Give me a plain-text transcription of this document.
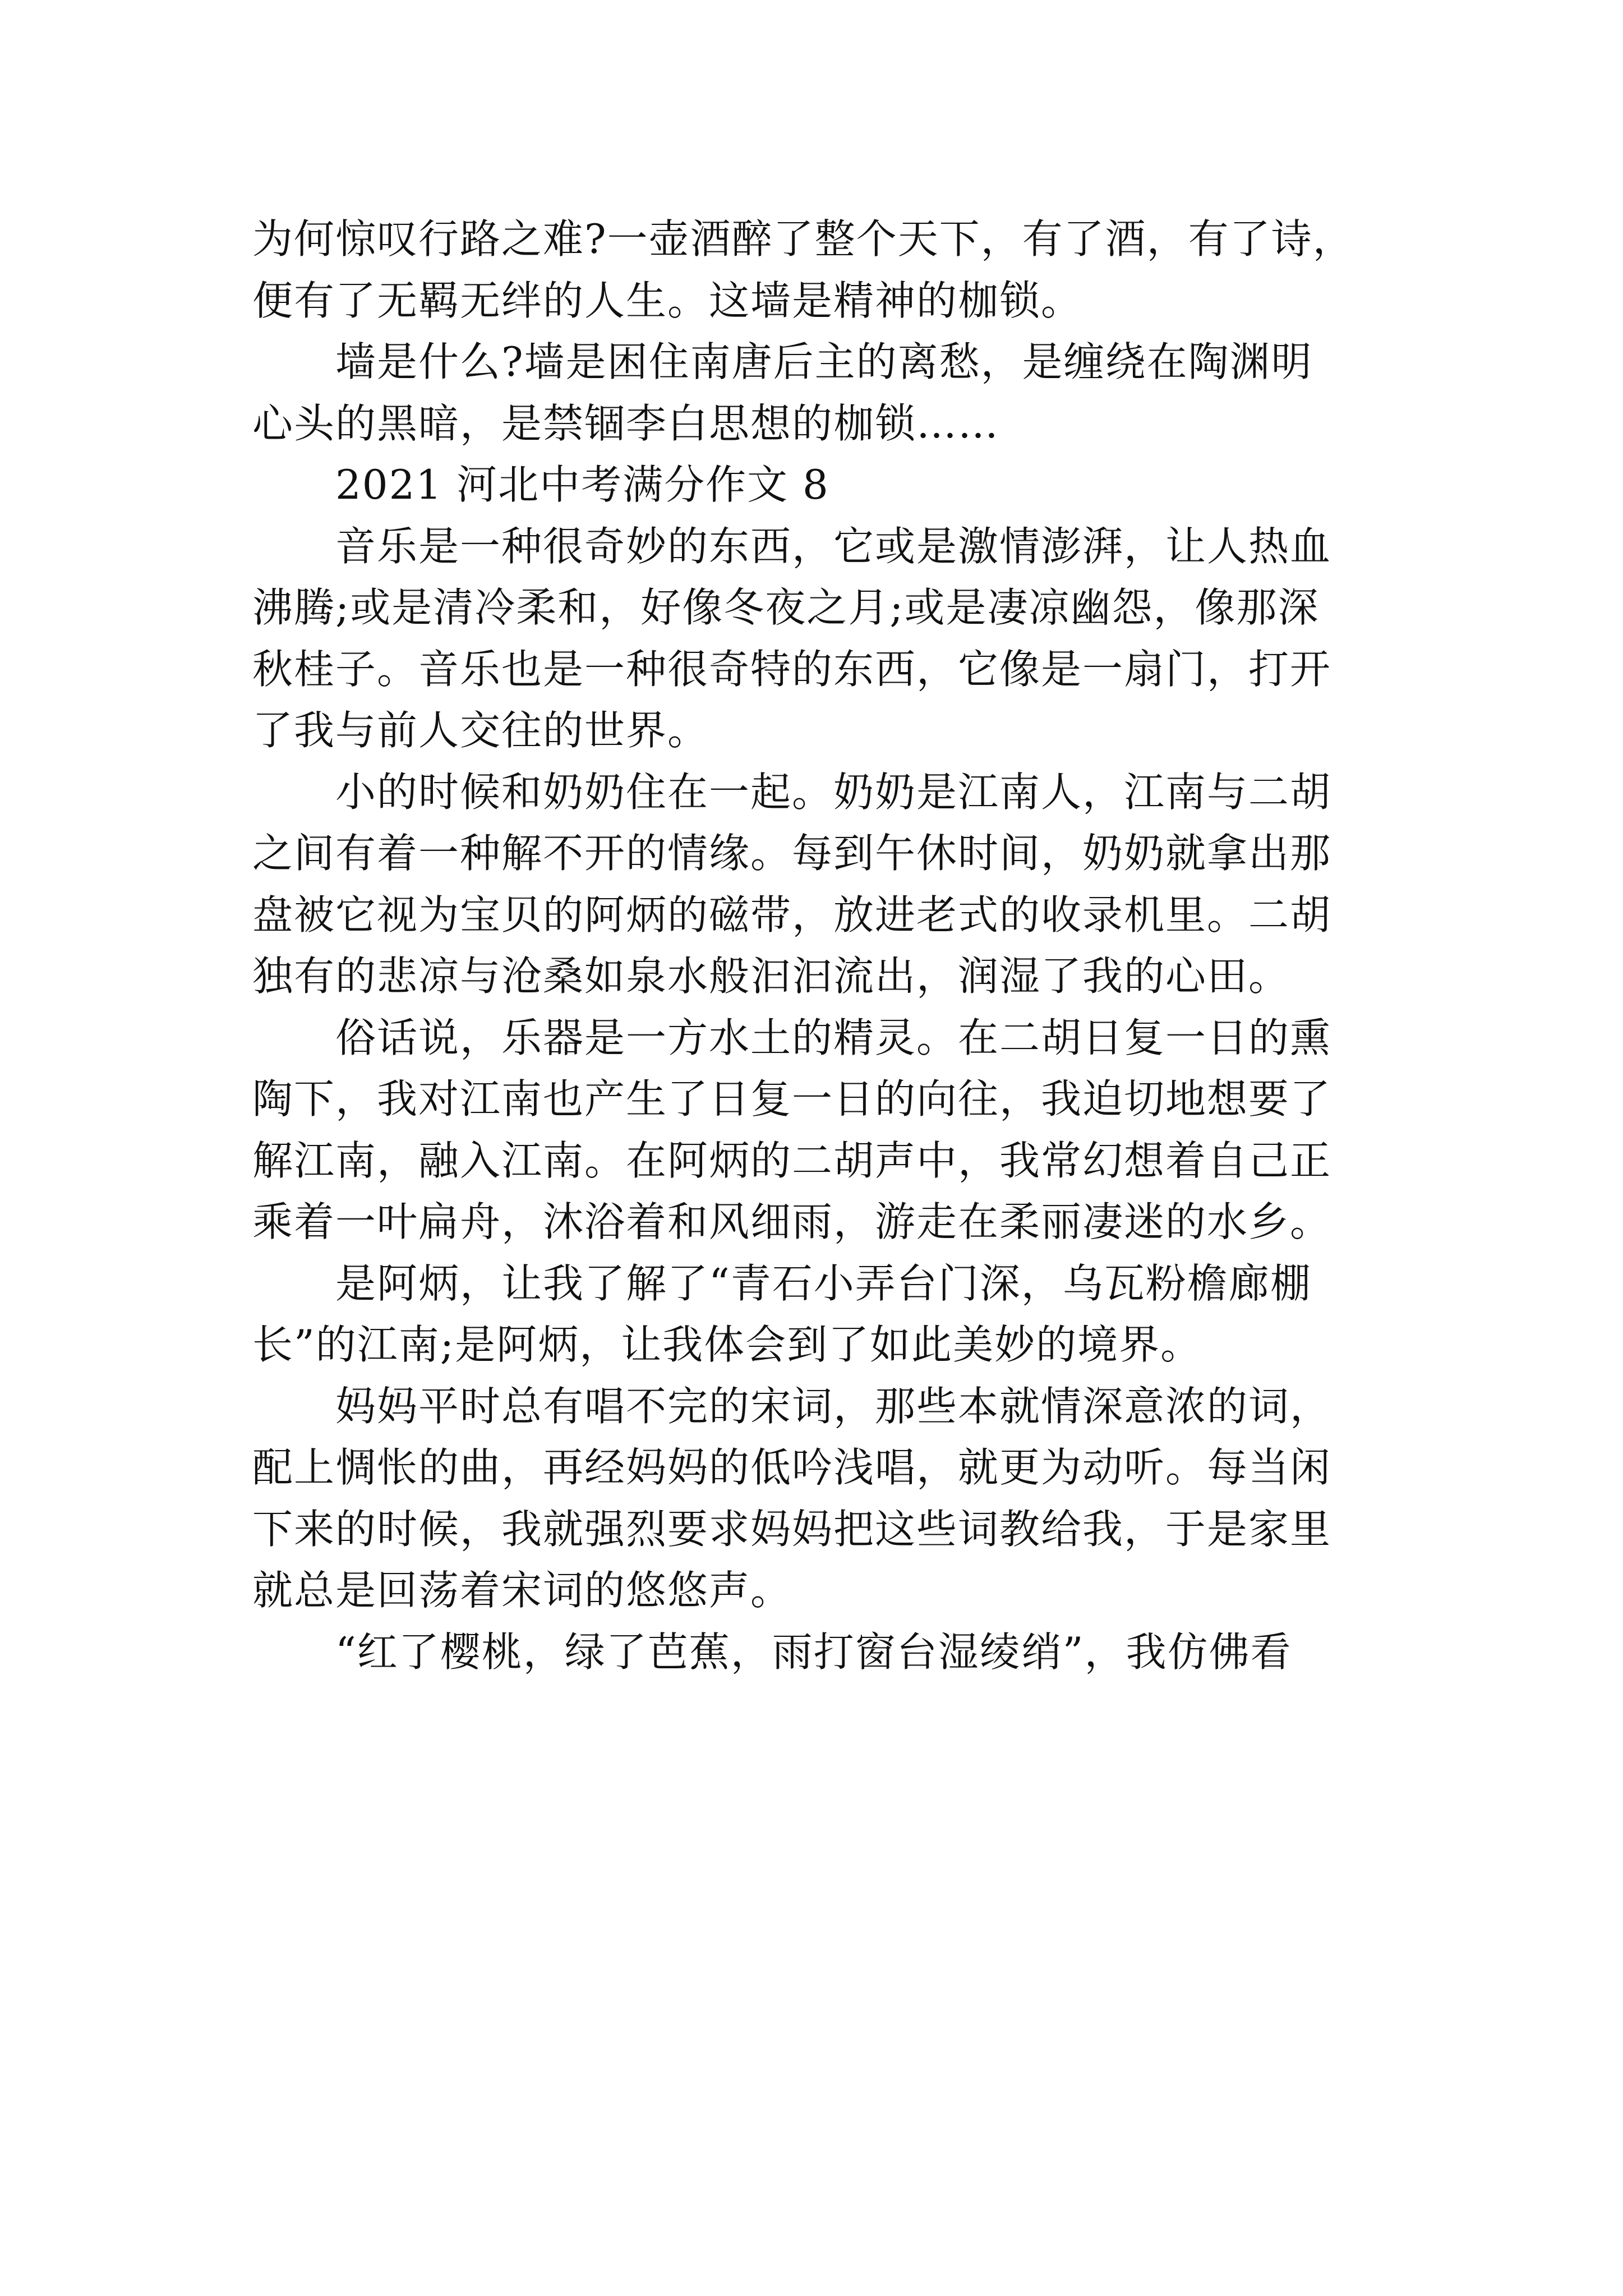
为何惊叹行路之难?一壶酒醉了整个天下，有了酒，有了诗，
便有了无羁无绊的人生。这墙是精神的枷锁。
墙是什么?墙是困住南唐后主的离愁，是缠绕在陶渊明
心头的黑暗，是禁锢李白思想的枷锁……
2021 河北中考满分作文 8
音乐是一种很奇妙的东西，它或是激情澎湃，让人热血
沸腾;或是清冷柔和，好像冬夜之月;或是凄凉幽怨，像那深
秋桂子。音乐也是一种很奇特的东西，它像是一扇门，打开
了我与前人交往的世界。
小的时候和奶奶住在一起。奶奶是江南人，江南与二胡
之间有着一种解不开的情缘。每到午休时间，奶奶就拿出那
盘被它视为宝贝的阿炳的磁带，放进老式的收录机里。二胡
独有的悲凉与沧桑如泉水般汩汩流出，润湿了我的心田。
俗话说，乐器是一方水土的精灵。在二胡日复一日的熏
陶下，我对江南也产生了日复一日的向往，我迫切地想要了
解江南，融入江南。在阿炳的二胡声中，我常幻想着自己正
乘着一叶扁舟，沐浴着和风细雨，游走在柔丽凄迷的水乡。
是阿炳，让我了解了“青石小弄台门深，乌瓦粉檐廊棚
长”的江南;是阿炳，让我体会到了如此美妙的境界。
妈妈平时总有唱不完的宋词，那些本就情深意浓的词，
配上惆怅的曲，再经妈妈的低吟浅唱，就更为动听。每当闲
下来的时候，我就强烈要求妈妈把这些词教给我，于是家里
就总是回荡着宋词的悠悠声。
“红了樱桃，绿了芭蕉，雨打窗台湿绫绡”，我仿佛看
